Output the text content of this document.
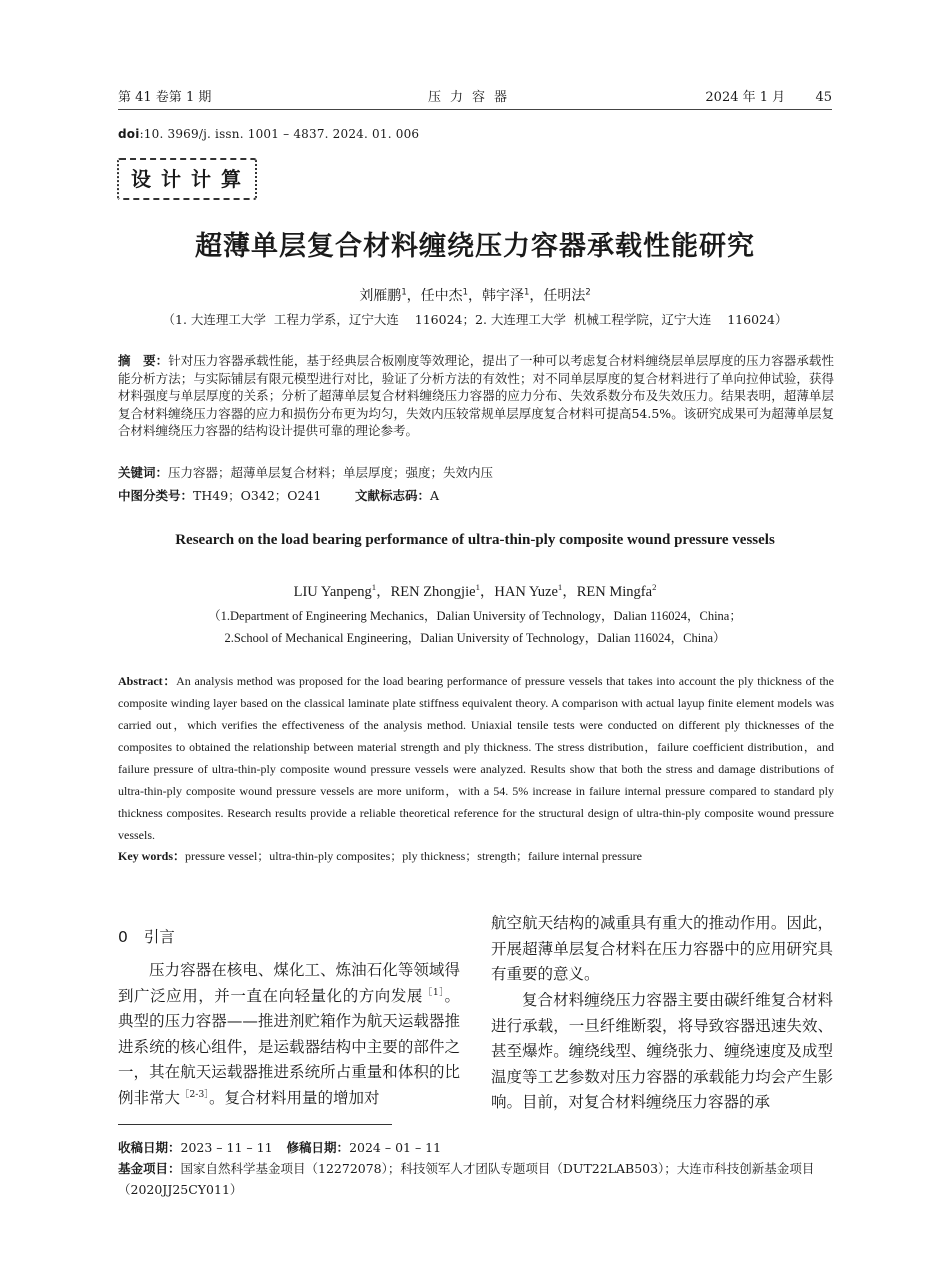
第 41 卷第 1 期	压力容器	2024 年 1 月 45
doi:10. 3969/j. issn. 1001 – 4837. 2024. 01. 006
设计计算
超薄单层复合材料缠绕压力容器承载性能研究
刘雁鹏$^1$，任中杰$^1$，韩宇泽$^1$，任明法$^2$
（1. 大连理工大学  工程力学系，辽宁大连    116024；2. 大连理工大学  机械工程学院，辽宁大连    116024）
摘　要：针对压力容器承载性能，基于经典层合板刚度等效理论，提出了一种可以考虑复合材料缠绕层单层厚度的压力容器承载性能分析方法；与实际铺层有限元模型进行对比，验证了分析方法的有效性；对不同单层厚度的复合材料进行了单向拉伸试验，获得材料强度与单层厚度的关系；分析了超薄单层复合材料缠绕压力容器的应力分布、失效系数分布及失效压力。结果表明，超薄单层复合材料缠绕压力容器的应力和损伤分布更为均匀，失效内压较常规单层厚度复合材料可提高54.5%。该研究成果可为超薄单层复合材料缠绕压力容器的结构设计提供可靠的理论参考。
关键词：压力容器；超薄单层复合材料；单层厚度；强度；失效内压
中图分类号：TH49；O342；O241	文献标志码：A
Research on the load bearing performance of ultra-thin-ply composite wound pressure vessels
LIU Yanpeng$^1$，REN Zhongjie$^1$，HAN Yuze$^1$，REN Mingfa$^2$
（1.Department of Engineering Mechanics，Dalian University of Technology，Dalian 116024，China；
2.School of Mechanical Engineering，Dalian University of Technology，Dalian 116024，China）
Abstract：An analysis method was proposed for the load bearing performance of pressure vessels that takes into account the ply thickness of the composite winding layer based on the classical laminate plate stiffness equivalent theory. A comparison with actual layup finite element models was carried out，which verifies the effectiveness of the analysis method. Uniaxial tensile tests were conducted on different ply thicknesses of the composites to obtained the relationship between material strength and ply thickness. The stress distribution，failure coefficient distribution，and failure pressure of ultra-thin-ply composite wound pressure vessels were analyzed. Results show that both the stress and damage distributions of ultra-thin-ply composite wound pressure vessels are more uniform，with a 54. 5% increase in failure internal pressure compared to standard ply thickness composites. Research results provide a reliable theoretical reference for the structural design of ultra-thin-ply composite wound pressure vessels.
Key words：pressure vessel；ultra-thin-ply composites；ply thickness；strength；failure internal pressure
0 引言
压力容器在核电、煤化工、炼油石化等领域得到广泛应用，并一直在向轻量化的方向发展$^{[1]}$。典型的压力容器——推进剂贮箱作为航天运载器推进系统的核心组件，是运载器结构中主要的部件之一，其在航天运载器推进系统所占重量和体积的比例非常大$^{[2-3]}$。复合材料用量的增加对
航空航天结构的减重具有重大的推动作用。因此，开展超薄单层复合材料在压力容器中的应用研究具有重要的意义。
复合材料缠绕压力容器主要由碳纤维复合材料进行承载，一旦纤维断裂，将导致容器迅速失效、甚至爆炸。缠绕线型、缠绕张力、缠绕速度及成型温度等工艺参数对压力容器的承载能力均会产生影响。目前，对复合材料缠绕压力容器的承
收稿日期：2023 – 11 – 11 修稿日期：2024 – 01 – 11
基金项目：国家自然科学基金项目（12272078）；科技领军人才团队专题项目（DUT22LAB503）；大连市科技创新基金项目（2020JJ25CY011）
